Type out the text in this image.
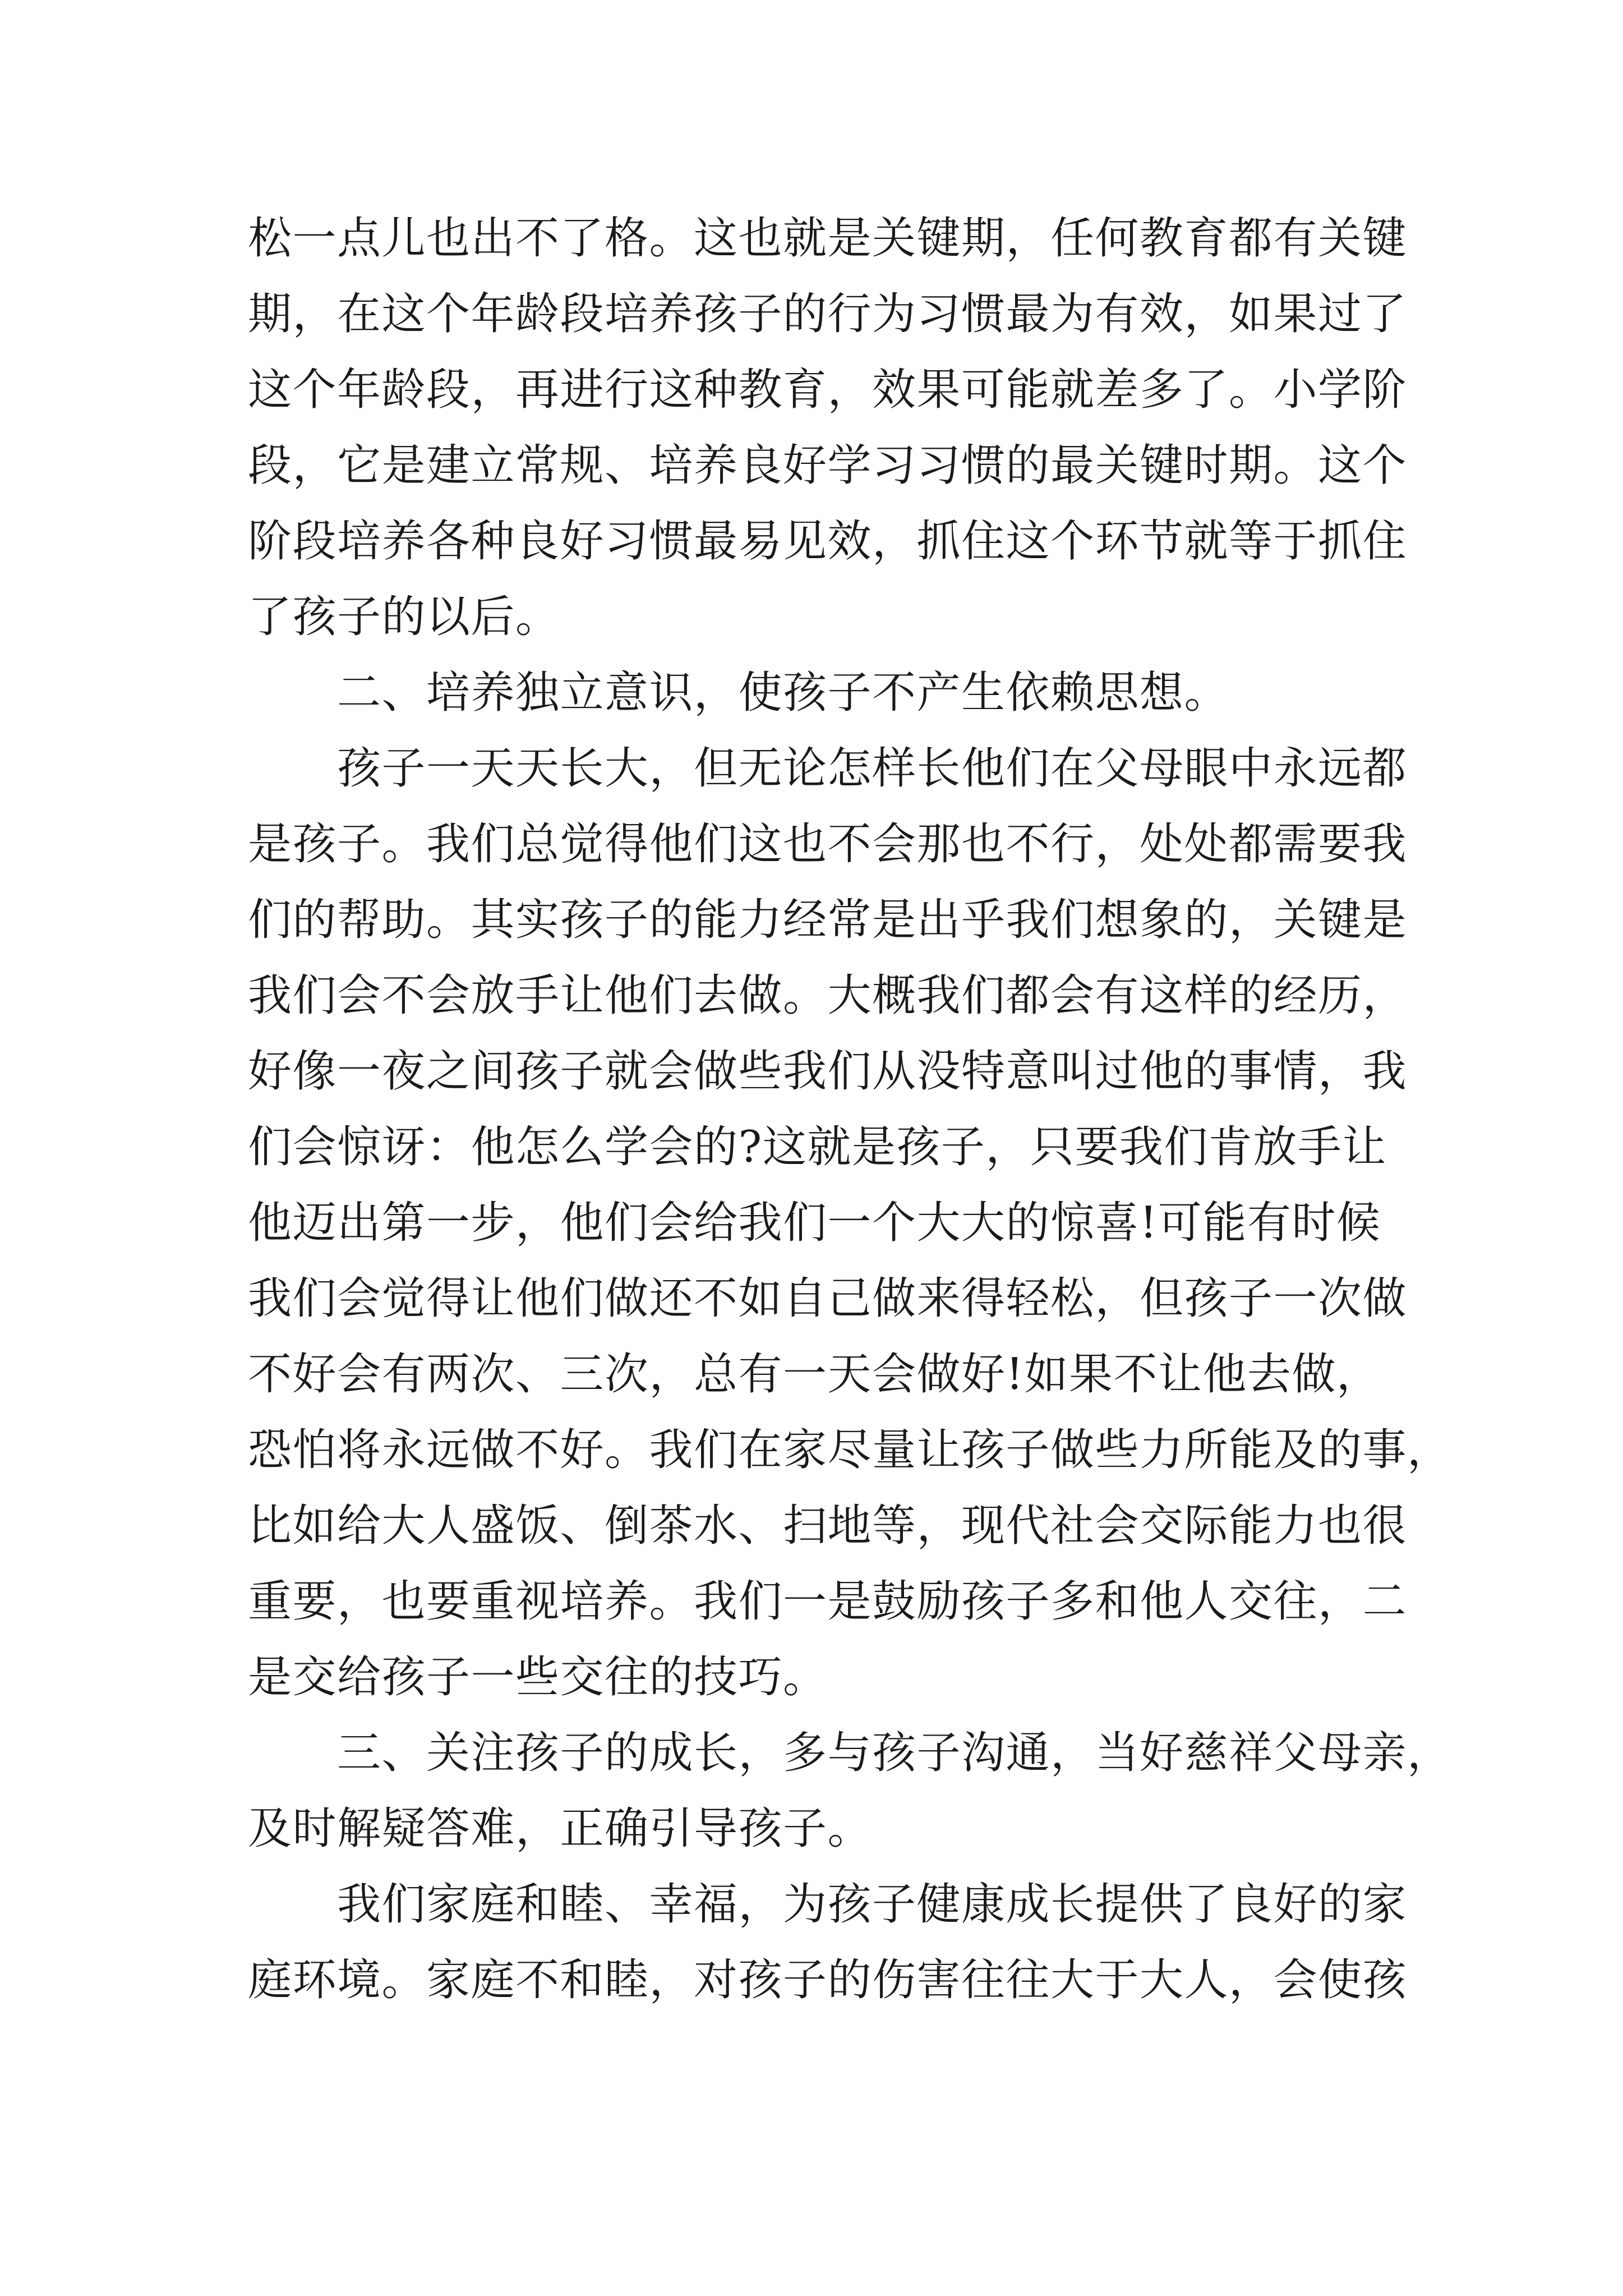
松一点儿也出不了格。这也就是关键期，任何教育都有关键
期，在这个年龄段培养孩子的行为习惯最为有效，如果过了
这个年龄段，再进行这种教育，效果可能就差多了。小学阶
段，它是建立常规、培养良好学习习惯的最关键时期。这个
阶段培养各种良好习惯最易见效，抓住这个环节就等于抓住
了孩子的以后。
　　二、培养独立意识，使孩子不产生依赖思想。
　　孩子一天天长大，但无论怎样长他们在父母眼中永远都
是孩子。我们总觉得他们这也不会那也不行，处处都需要我
们的帮助。其实孩子的能力经常是出乎我们想象的，关键是
我们会不会放手让他们去做。大概我们都会有这样的经历，
好像一夜之间孩子就会做些我们从没特意叫过他的事情，我
们会惊讶：他怎么学会的?这就是孩子，只要我们肯放手让
他迈出第一步，他们会给我们一个大大的惊喜!可能有时候
我们会觉得让他们做还不如自己做来得轻松，但孩子一次做
不好会有两次、三次，总有一天会做好!如果不让他去做，
恐怕将永远做不好。我们在家尽量让孩子做些力所能及的事，
比如给大人盛饭、倒茶水、扫地等，现代社会交际能力也很
重要，也要重视培养。我们一是鼓励孩子多和他人交往，二
是交给孩子一些交往的技巧。
　　三、关注孩子的成长，多与孩子沟通，当好慈祥父母亲，
及时解疑答难，正确引导孩子。
　　我们家庭和睦、幸福，为孩子健康成长提供了良好的家
庭环境。家庭不和睦，对孩子的伤害往往大于大人，会使孩
